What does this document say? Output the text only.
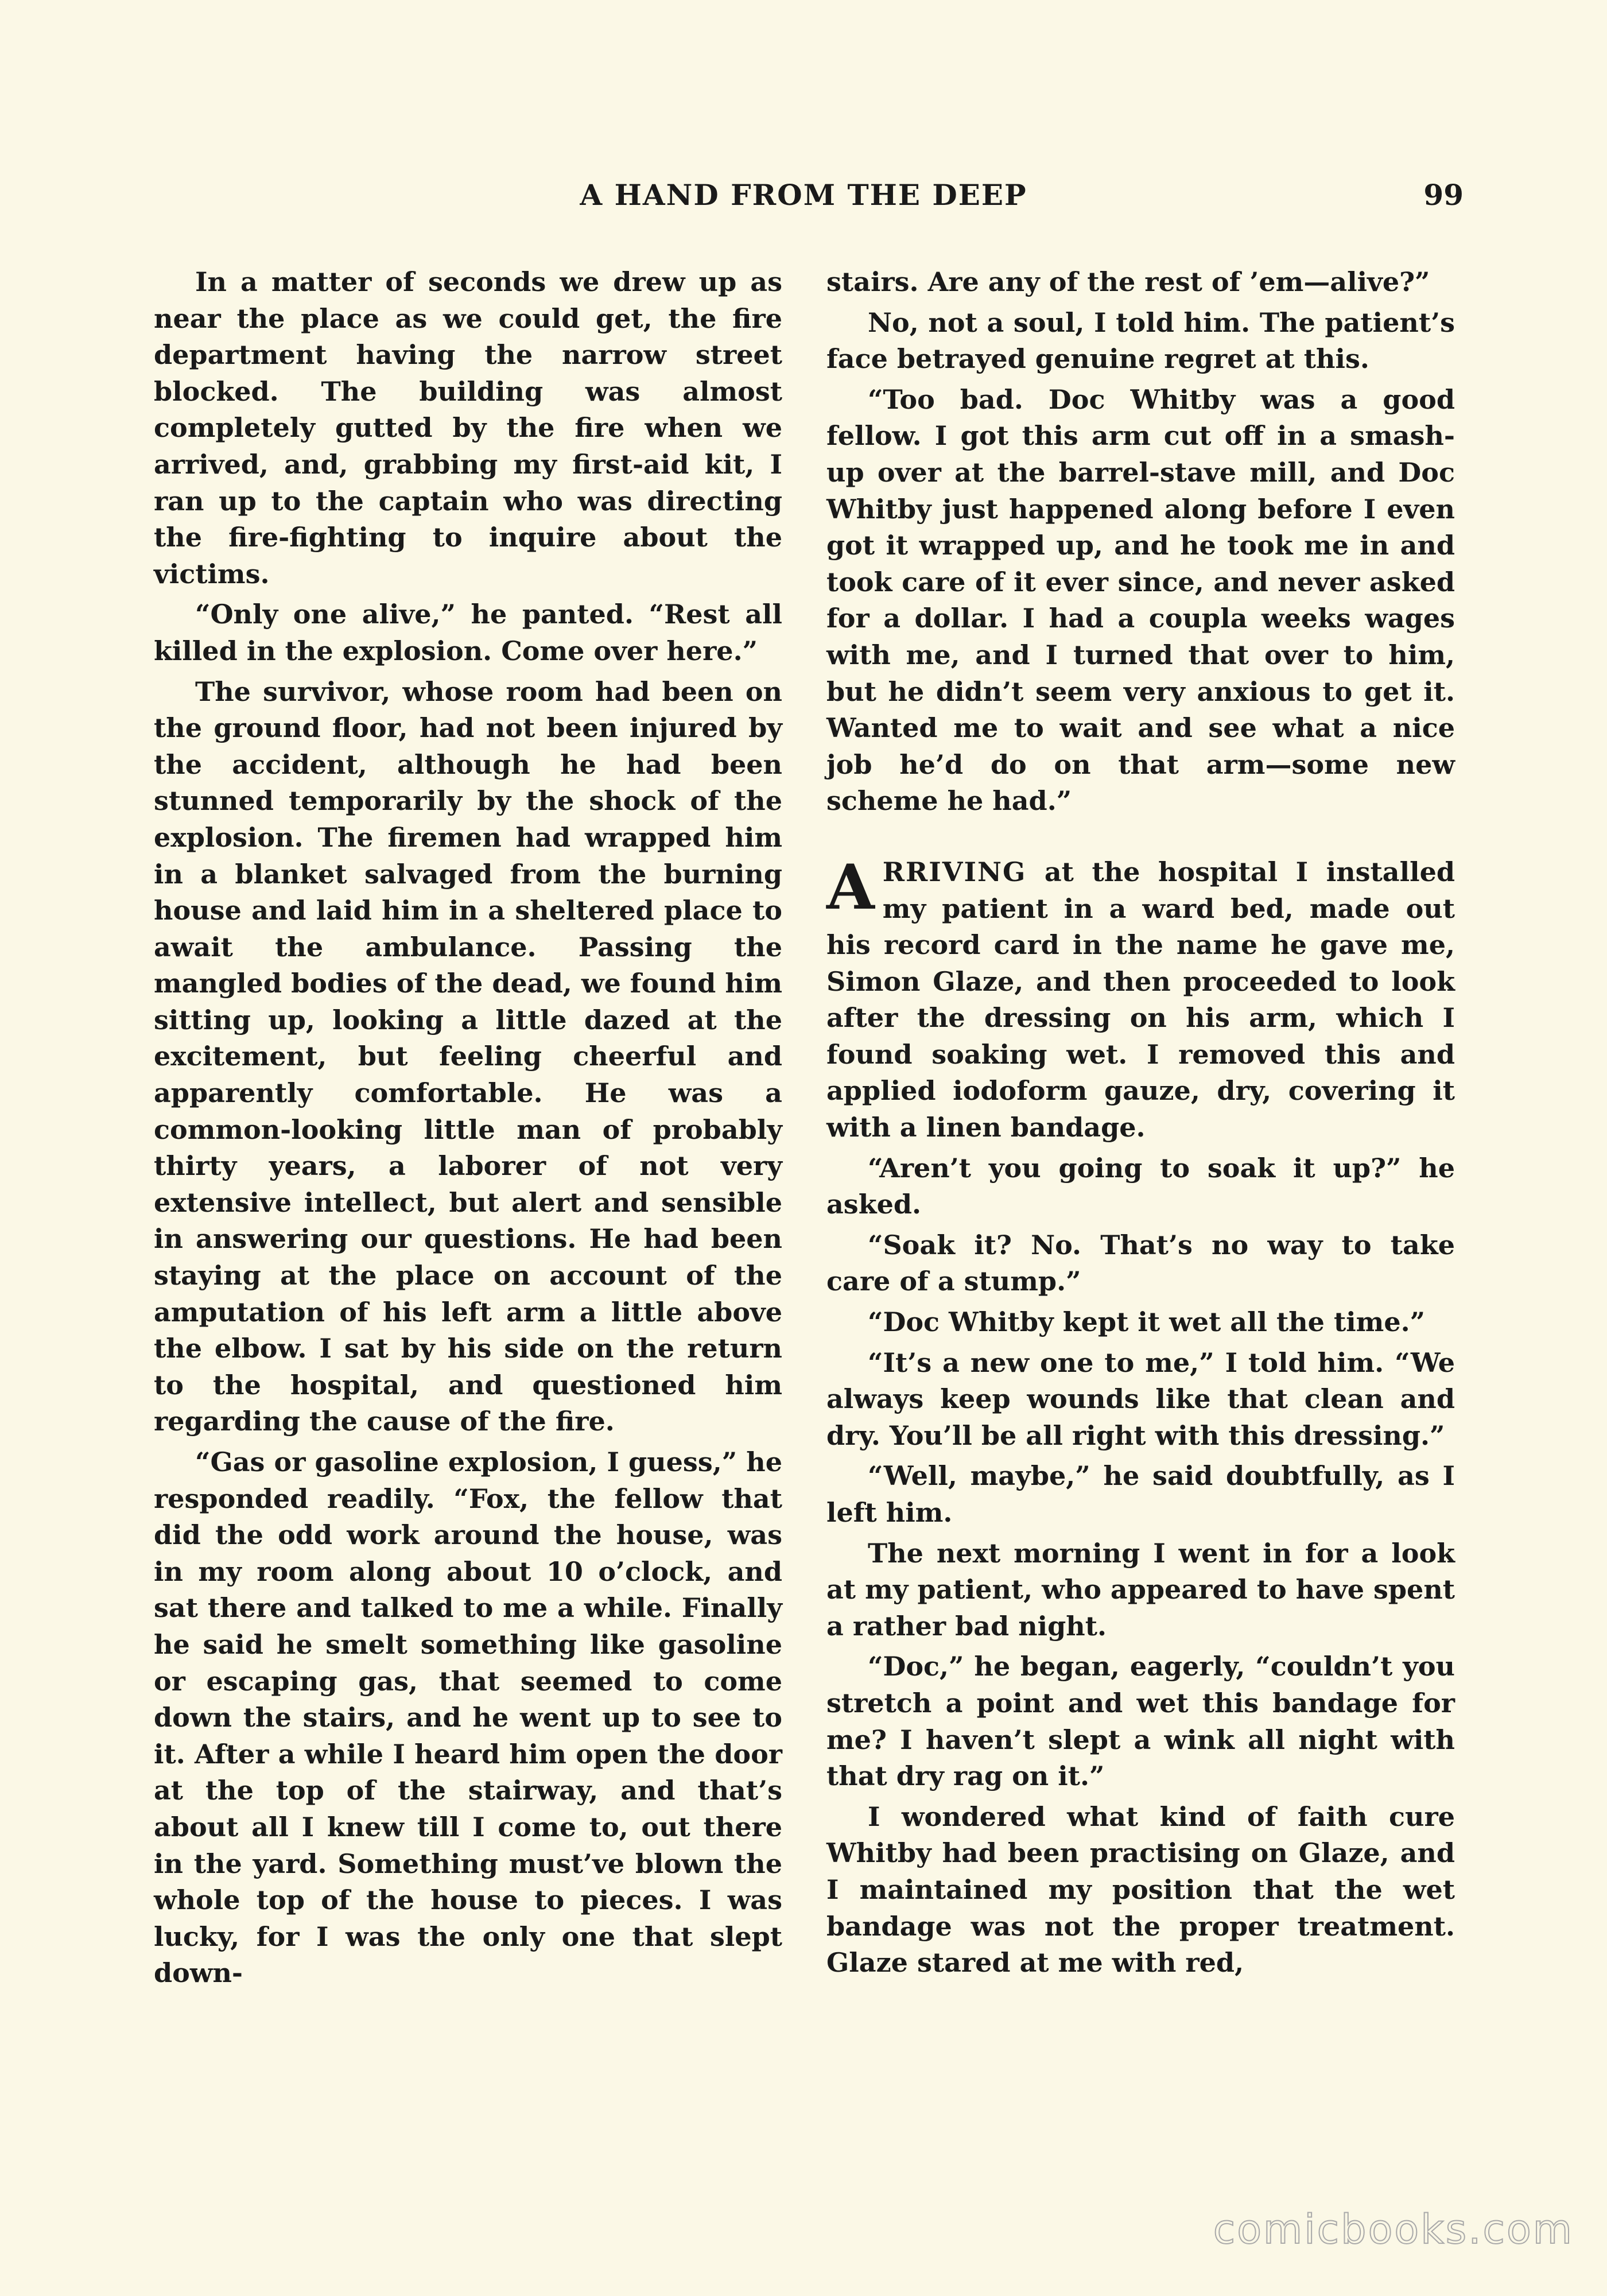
A HAND FROM THE DEEP	99

In a matter of seconds we drew up as near the place as we could get, the fire department having the narrow street blocked. The building was almost completely gutted by the fire when we arrived, and, grabbing my first-aid kit, I ran up to the captain who was directing the fire-fighting to inquire about the victims.

“Only one alive,” he panted. “Rest all killed in the explosion. Come over here.”

The survivor, whose room had been on the ground floor, had not been injured by the accident, although he had been stunned temporarily by the shock of the explosion. The firemen had wrapped him in a blanket salvaged from the burning house and laid him in a sheltered place to await the ambulance. Passing the mangled bodies of the dead, we found him sitting up, looking a little dazed at the excitement, but feeling cheerful and apparently comfortable. He was a common-looking little man of probably thirty years, a laborer of not very extensive intellect, but alert and sensible in answering our questions. He had been staying at the place on account of the amputation of his left arm a little above the elbow. I sat by his side on the return to the hospital, and questioned him regarding the cause of the fire.

“Gas or gasoline explosion, I guess,” he responded readily. “Fox, the fellow that did the odd work around the house, was in my room along about 10 o’clock, and sat there and talked to me a while. Finally he said he smelt something like gasoline or escaping gas, that seemed to come down the stairs, and he went up to see to it. After a while I heard him open the door at the top of the stairway, and that’s about all I knew till I come to, out there in the yard. Something must’ve blown the whole top of the house to pieces. I was lucky, for I was the only one that slept down-

stairs. Are any of the rest of ’em—alive?”

No, not a soul, I told him. The patient’s face betrayed genuine regret at this.

“Too bad. Doc Whitby was a good fellow. I got this arm cut off in a smash-up over at the barrel-stave mill, and Doc Whitby just happened along before I even got it wrapped up, and he took me in and took care of it ever since, and never asked for a dollar. I had a coupla weeks wages with me, and I turned that over to him, but he didn’t seem very anxious to get it. Wanted me to wait and see what a nice job he’d do on that arm—some new scheme he had.”

ARRIVING at the hospital I installed my patient in a ward bed, made out his record card in the name he gave me, Simon Glaze, and then proceeded to look after the dressing on his arm, which I found soaking wet. I removed this and applied iodoform gauze, dry, covering it with a linen bandage.

“Aren’t you going to soak it up?” he asked.

“Soak it? No. That’s no way to take care of a stump.”

“Doc Whitby kept it wet all the time.”

“It’s a new one to me,” I told him. “We always keep wounds like that clean and dry. You’ll be all right with this dressing.”

“Well, maybe,” he said doubtfully, as I left him.

The next morning I went in for a look at my patient, who appeared to have spent a rather bad night.

“Doc,” he began, eagerly, “couldn’t you stretch a point and wet this bandage for me? I haven’t slept a wink all night with that dry rag on it.”

I wondered what kind of faith cure Whitby had been practising on Glaze, and I maintained my position that the wet bandage was not the proper treatment. Glaze stared at me with red,

comicbooks.com
